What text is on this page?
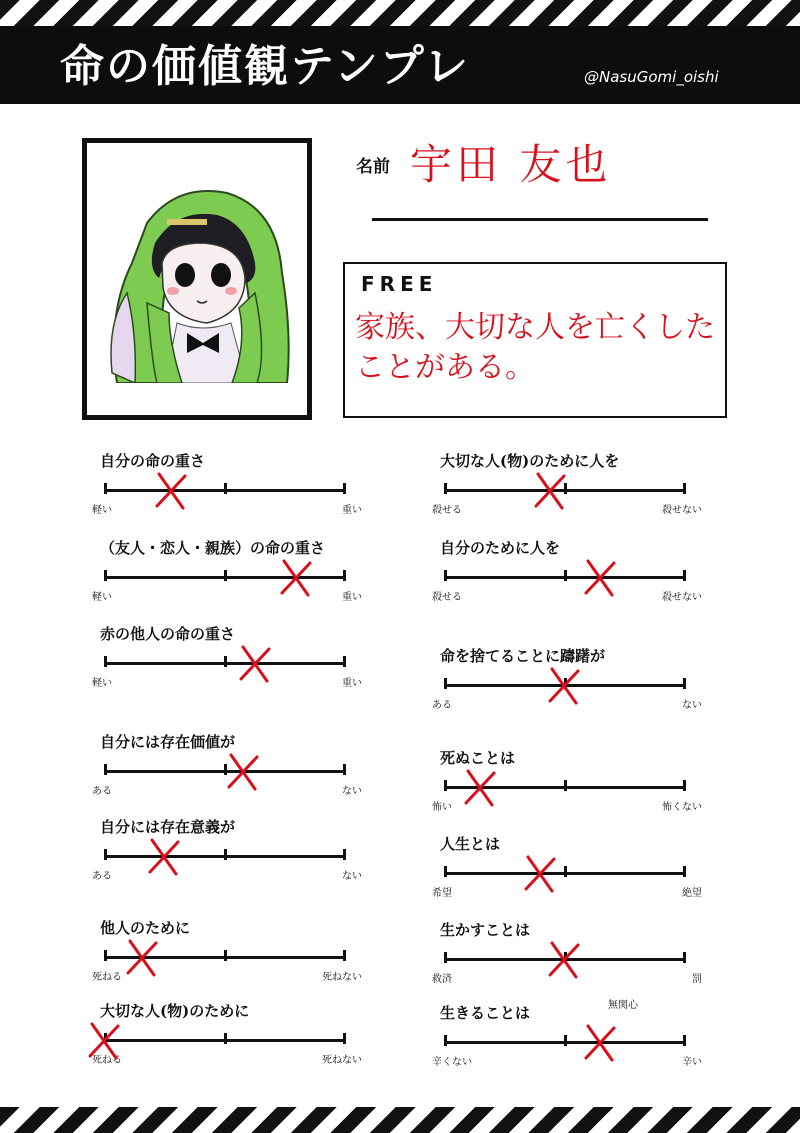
命の価値観テンプレ	@NasuGomi_oishi
名前 宇田 友也
FREE
家族、大切な人を亡くしたことがある。
自分の命の重さ
軽い	重い
（友人・恋人・親族）の命の重さ
軽い	重い
赤の他人の命の重さ
軽い	重い
自分には存在価値が
ある	ない
自分には存在意義が
ある	ない
他人のために
死ねる	死ねない
大切な人(物)のために
死ねる	死ねない
大切な人(物)のために人を
殺せる	殺せない
自分のために人を
殺せる	殺せない
命を捨てることに躊躇が
ある	ない
死ぬことは
怖い	怖くない
人生とは
希望	絶望
生かすことは
救済	罰
生きることは
辛くない	辛い
無関心
